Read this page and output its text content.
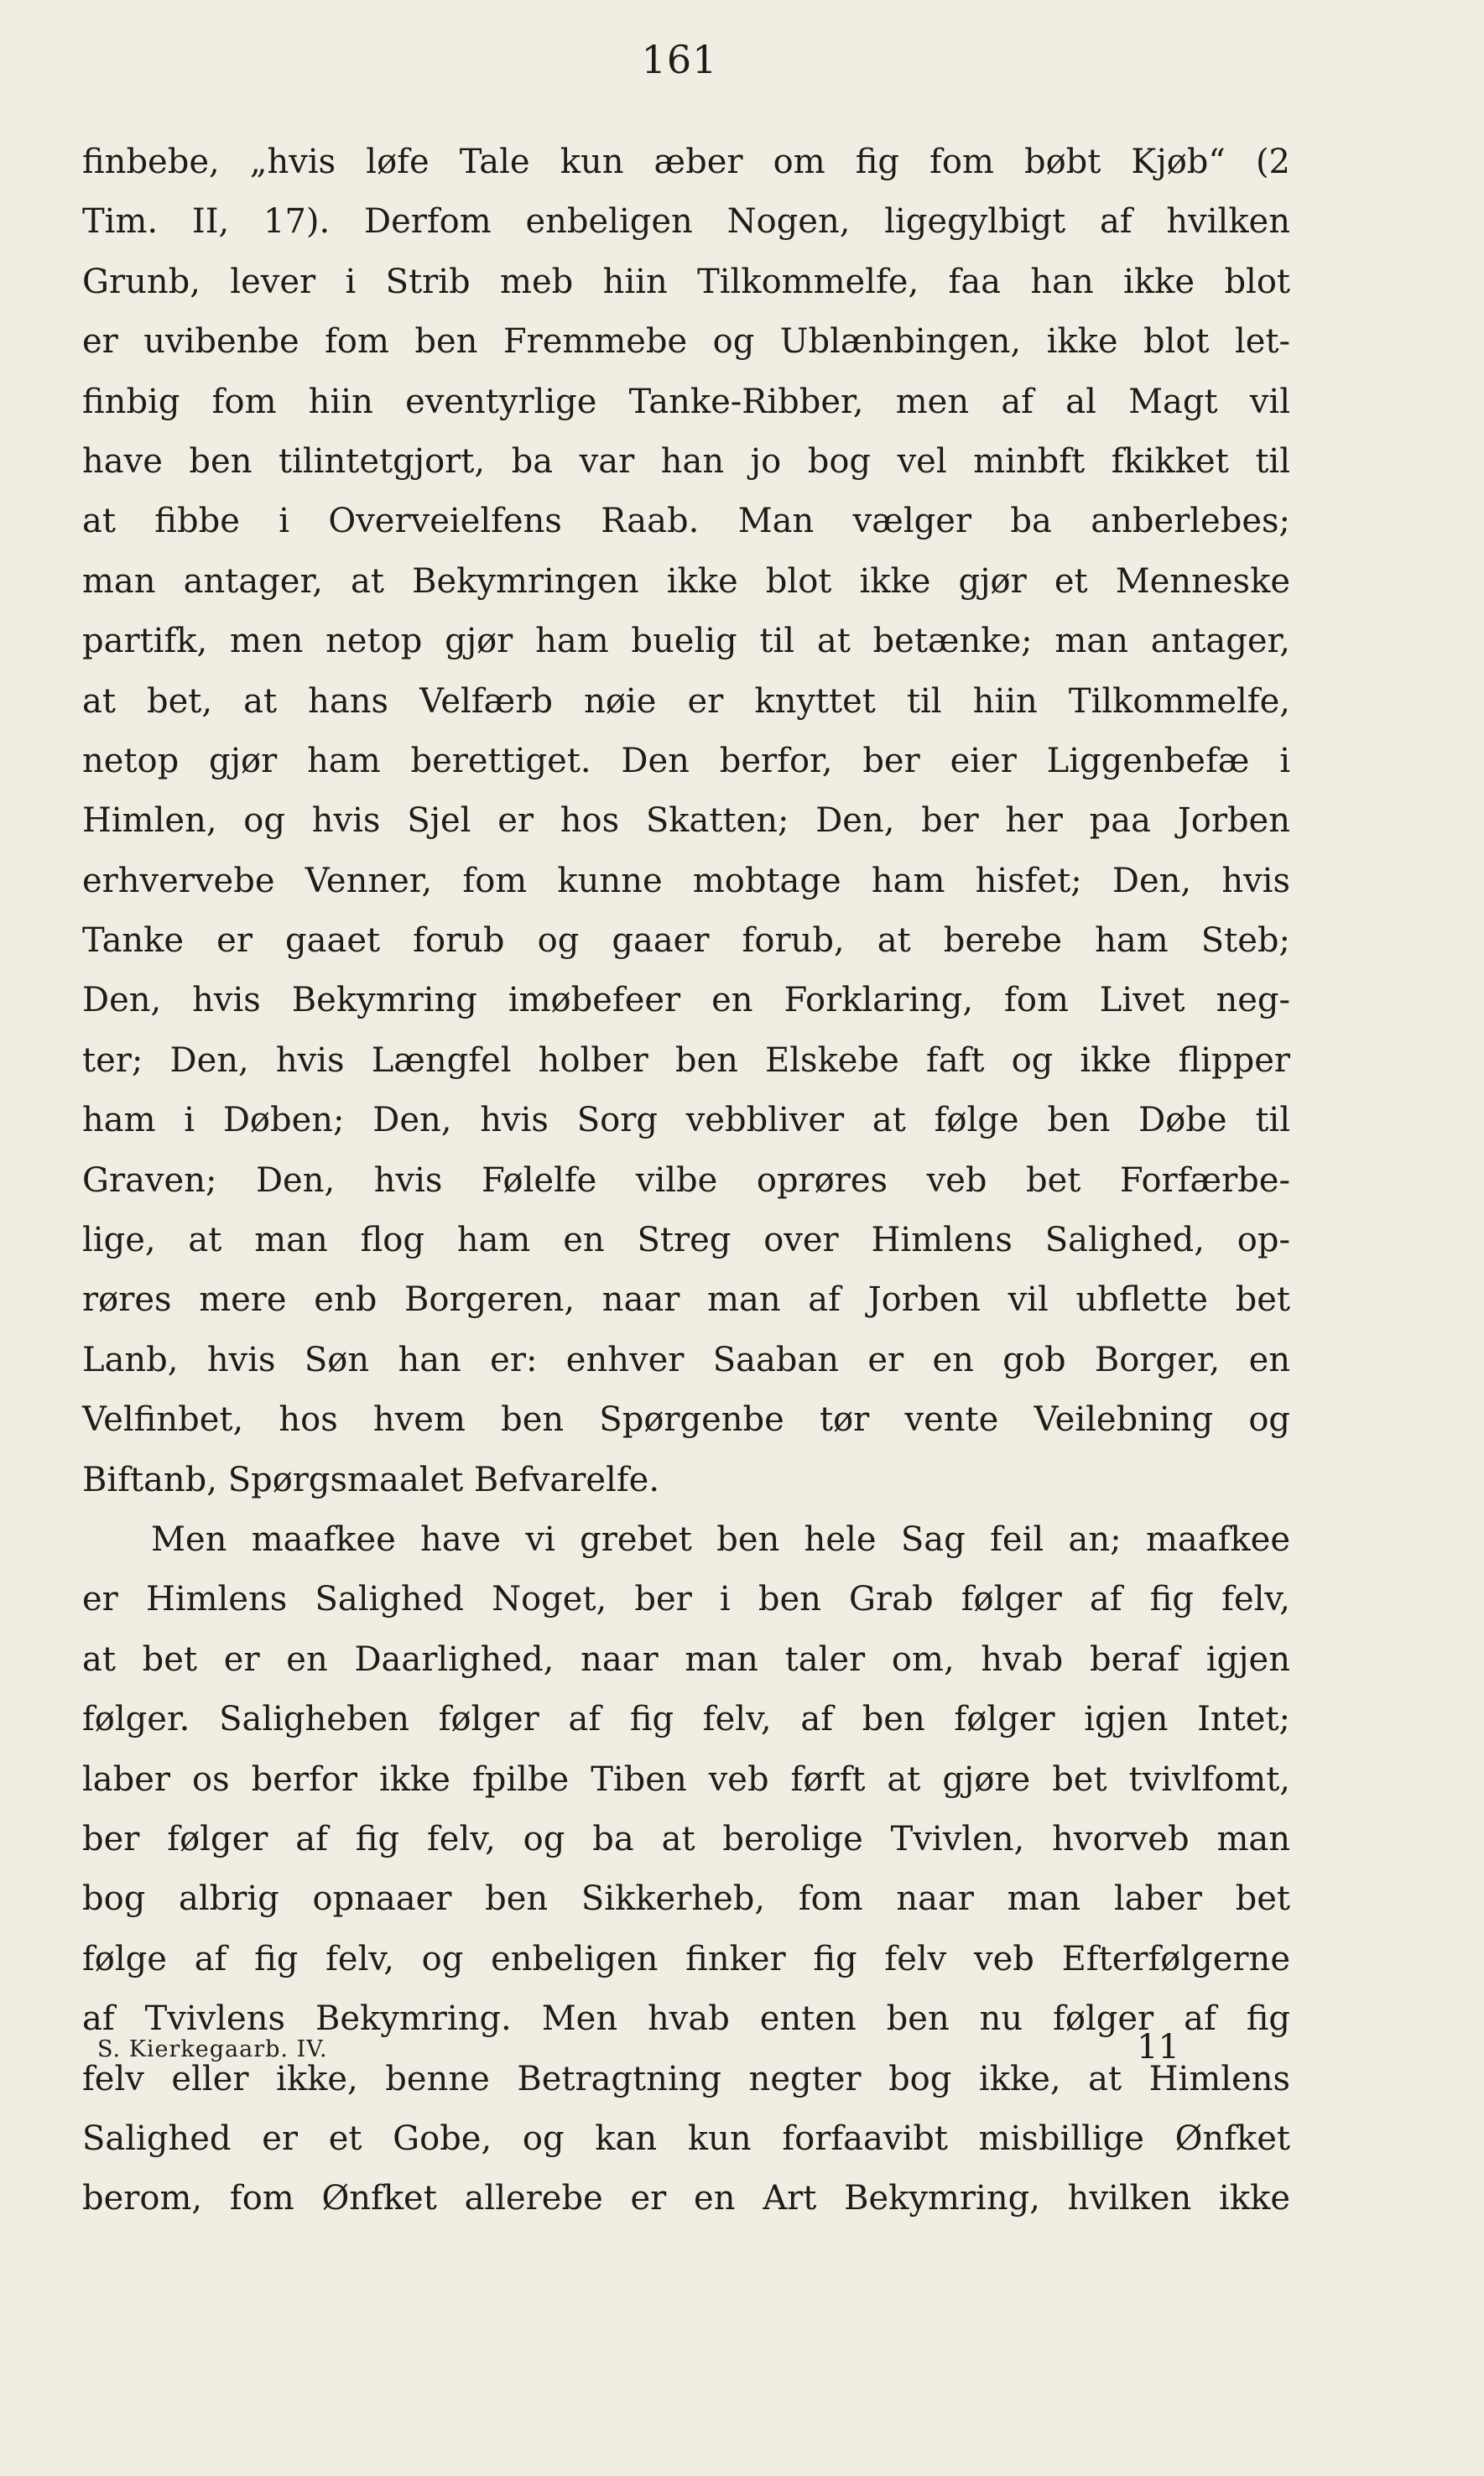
161
finbebe, „hvis løfe Tale kun æber om fig fom bøbt Kjøb“ (2
Tim. II, 17). Derfom enbeligen Nogen, ligegylbigt af hvilken
Grunb, lever i Strib meb hiin Tilkommelfe, faa han ikke blot
er uvibenbe fom ben Fremmebe og Ublænbingen, ikke blot let-
finbig fom hiin eventyrlige Tanke-Ribber, men af al Magt vil
have ben tilintetgjort, ba var han jo bog vel minbft fkikket til
at fibbe i Overveielfens Raab. Man vælger ba anberlebes;
man antager, at Bekymringen ikke blot ikke gjør et Menneske
partifk, men netop gjør ham buelig til at betænke; man antager,
at bet, at hans Velfærb nøie er knyttet til hiin Tilkommelfe,
netop gjør ham berettiget. Den berfor, ber eier Liggenbefæ i
Himlen, og hvis Sjel er hos Skatten; Den, ber her paa Jorben
erhvervebe Venner, fom kunne mobtage ham hisfet; Den, hvis
Tanke er gaaet forub og gaaer forub, at berebe ham Steb;
Den, hvis Bekymring imøbefeer en Forklaring, fom Livet neg-
ter; Den, hvis Længfel holber ben Elskebe faft og ikke flipper
ham i Døben; Den, hvis Sorg vebbliver at følge ben Døbe til
Graven; Den, hvis Følelfe vilbe oprøres veb bet Forfærbe-
lige, at man flog ham en Streg over Himlens Salighed, op-
røres mere enb Borgeren, naar man af Jorben vil ubflette bet
Lanb, hvis Søn han er: enhver Saaban er en gob Borger, en
Velfinbet, hos hvem ben Spørgenbe tør vente Veilebning og
Biftanb, Spørgsmaalet Befvarelfe.
Men maafkee have vi grebet ben hele Sag feil an; maafkee
er Himlens Salighed Noget, ber i ben Grab følger af fig felv,
at bet er en Daarlighed, naar man taler om, hvab beraf igjen
følger. Saligheben følger af fig felv, af ben følger igjen Intet;
laber os berfor ikke fpilbe Tiben veb førft at gjøre bet tvivlfomt,
ber følger af fig felv, og ba at berolige Tvivlen, hvorveb man
bog albrig opnaaer ben Sikkerheb, fom naar man laber bet
følge af fig felv, og enbeligen finker fig felv veb Efterfølgerne
af Tvivlens Bekymring. Men hvab enten ben nu følger af fig
felv eller ikke, benne Betragtning negter bog ikke, at Himlens
Salighed er et Gobe, og kan kun forfaavibt misbillige Ønfket
berom, fom Ønfket allerebe er en Art Bekymring, hvilken ikke
S. Kierkegaarb. IV.	11
